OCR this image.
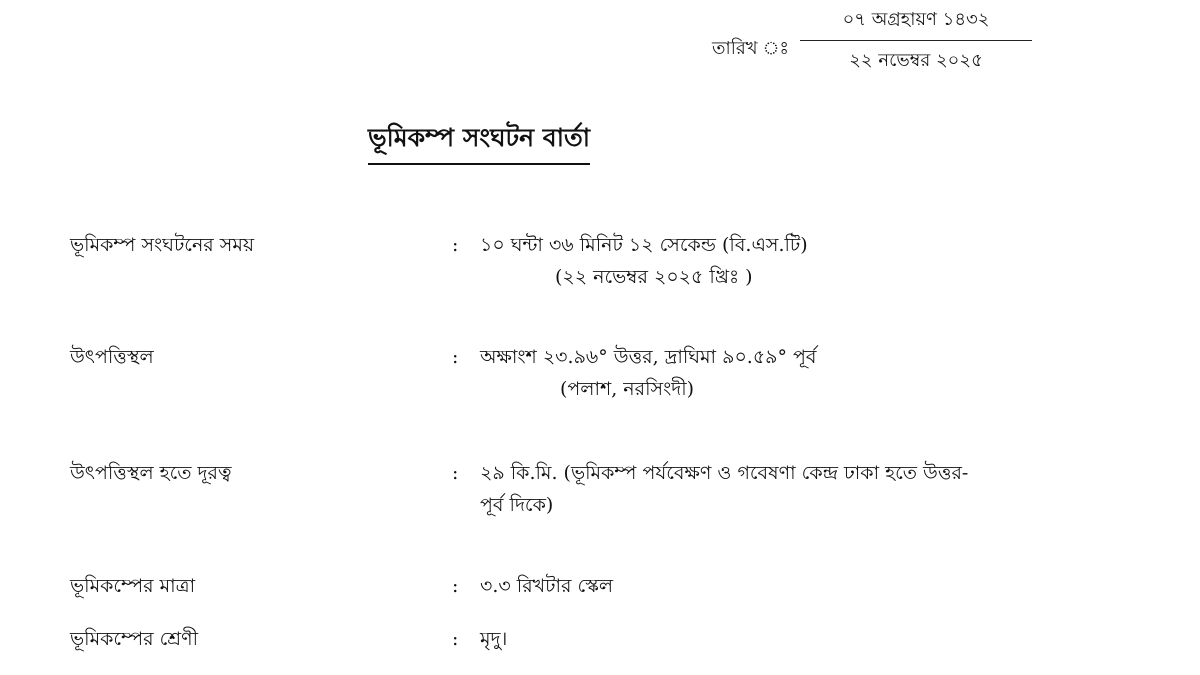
তারিখ ঃ
০৭ অগ্রহায়ণ ১৪৩২
২২ নভেম্বর ২০২৫
ভূমিকম্প সংঘটন বার্তা
ভূমিকম্প সংঘটনের সময়	: ১০ ঘন্টা ৩৬ মিনিট ১২ সেকেন্ড (বি.এস.টি)
(২২ নভেম্বর ২০২৫ খ্রিঃ )
উৎপত্তিস্থল	: অক্ষাংশ ২৩.৯৬° উত্তর, দ্রাঘিমা ৯০.৫৯° পূর্ব
(পলাশ, নরসিংদী)
উৎপত্তিস্থল হতে দূরত্ব	: ২৯ কি.মি. (ভূমিকম্প পর্যবেক্ষণ ও গবেষণা কেন্দ্র ঢাকা হতে উত্তর-
পূর্ব দিকে)
ভূমিকম্পের মাত্রা	: ৩.৩ রিখটার স্কেল
ভূমিকম্পের শ্রেণী	: মৃদু।
